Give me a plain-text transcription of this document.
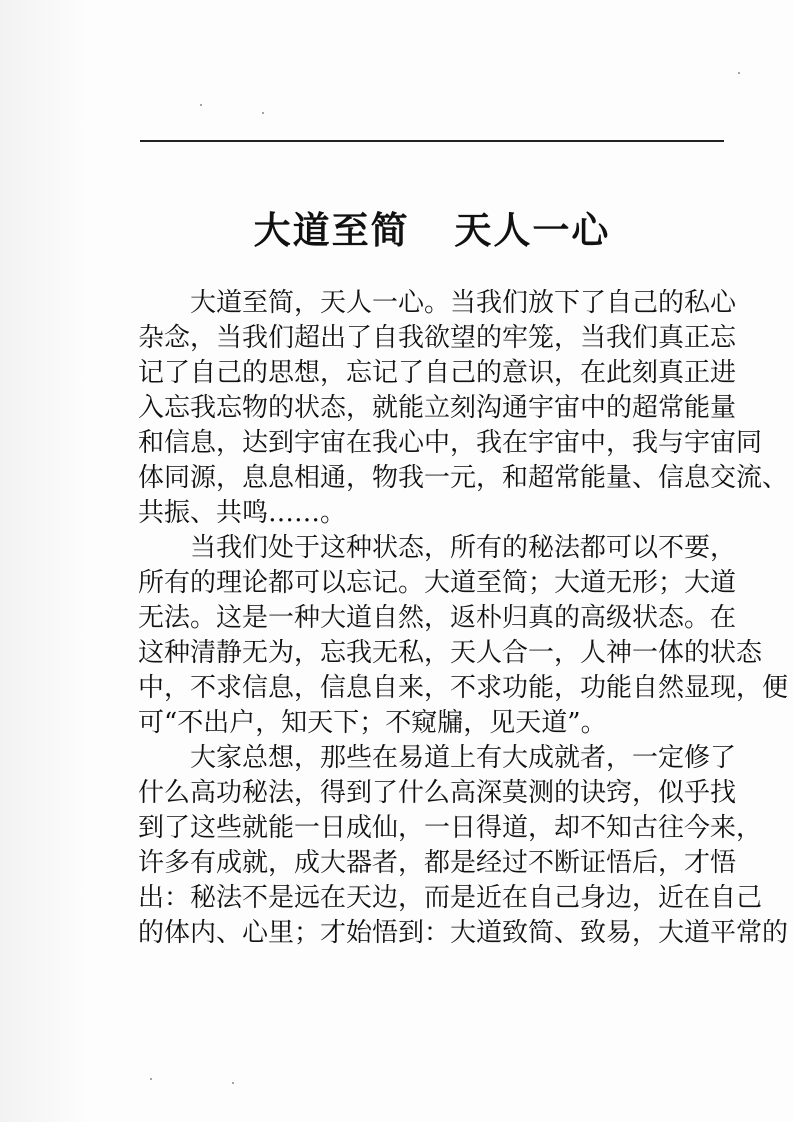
大道至简   天人一心
大道至简，天人一心。当我们放下了自己的私心
杂念，当我们超出了自我欲望的牢笼，当我们真正忘
记了自己的思想，忘记了自己的意识，在此刻真正进
入忘我忘物的状态，就能立刻沟通宇宙中的超常能量
和信息，达到宇宙在我心中，我在宇宙中，我与宇宙同
体同源，息息相通，物我一元，和超常能量、信息交流、
共振、共鸣……。
当我们处于这种状态，所有的秘法都可以不要，
所有的理论都可以忘记。大道至简；大道无形；大道
无法。这是一种大道自然，返朴归真的高级状态。在
这种清静无为，忘我无私，天人合一，人神一体的状态
中，不求信息，信息自来，不求功能，功能自然显现，便
可“不出户，知天下；不窥牖，见天道”。
大家总想，那些在易道上有大成就者，一定修了
什么高功秘法，得到了什么高深莫测的诀窍，似乎找
到了这些就能一日成仙，一日得道，却不知古往今来，
许多有成就，成大器者，都是经过不断证悟后，才悟
出：秘法不是远在天边，而是近在自己身边，近在自己
的体内、心里；才始悟到：大道致简、致易，大道平常的
